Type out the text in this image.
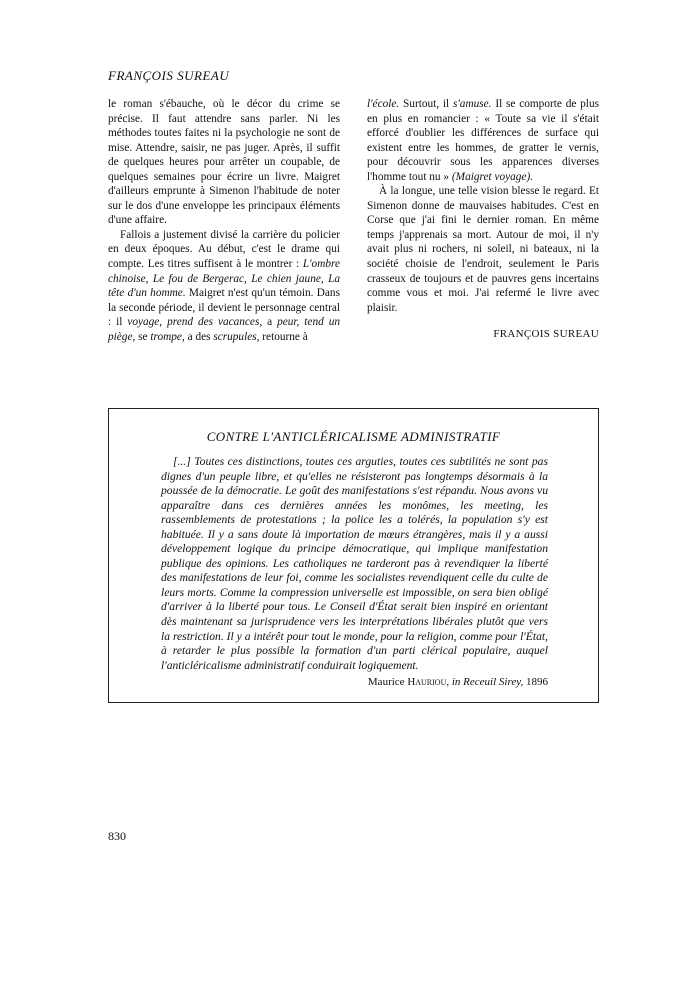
FRANÇOIS SUREAU

le roman s'ébauche, où le décor du crime se précise. Il faut attendre sans parler. Ni les méthodes toutes faites ni la psychologie ne sont de mise. Attendre, saisir, ne pas juger. Après, il suffit de quelques heures pour arrêter un coupable, de quelques semaines pour écrire un livre. Maigret d'ailleurs emprunte à Simenon l'habitude de noter sur le dos d'une enveloppe les principaux éléments d'une affaire.

Fallois a justement divisé la carrière du policier en deux époques. Au début, c'est le drame qui compte. Les titres suffisent à le montrer : L'ombre chinoise, Le fou de Bergerac, Le chien jaune, La tête d'un homme. Maigret n'est qu'un témoin. Dans la seconde période, il devient le personnage central : il voyage, prend des vacances, a peur, tend un piège, se trompe, a des scrupules, retourne à

l'école. Surtout, il s'amuse. Il se comporte de plus en plus en romancier : « Toute sa vie il s'était efforcé d'oublier les différences de surface qui existent entre les hommes, de gratter le vernis, pour découvrir sous les apparences diverses l'homme tout nu » (Maigret voyage).

À la longue, une telle vision blesse le regard. Et Simenon donne de mauvaises habitudes. C'est en Corse que j'ai fini le dernier roman. En même temps j'apprenais sa mort. Autour de moi, il n'y avait plus ni rochers, ni soleil, ni bateaux, ni la société choisie de l'endroit, seulement le Paris crasseux de toujours et de pauvres gens incertains comme vous et moi. J'ai refermé le livre avec plaisir.

FRANÇOIS SUREAU

CONTRE L'ANTICLÉRICALISME ADMINISTRATIF

[...] Toutes ces distinctions, toutes ces arguties, toutes ces subtilités ne sont pas dignes d'un peuple libre, et qu'elles ne résisteront pas longtemps désormais à la poussée de la démocratie. Le goût des manifestations s'est répandu. Nous avons vu apparaître dans ces dernières années les monômes, les meeting, les rassemblements de protestations ; la police les a tolérés, la population s'y est habituée. Il y a sans doute là importation de mœurs étrangères, mais il y a aussi développement logique du principe démocratique, qui implique manifestation publique des opinions. Les catholiques ne tarderont pas à revendiquer la liberté des manifestations de leur foi, comme les socialistes revendiquent celle du culte de leurs morts. Comme la compression universelle est impossible, on sera bien obligé d'arriver à la liberté pour tous. Le Conseil d'État serait bien inspiré en orientant dès maintenant sa jurisprudence vers les interprétations libérales plutôt que vers la restriction. Il y a intérêt pour tout le monde, pour la religion, comme pour l'État, à retarder le plus possible la formation d'un parti clérical populaire, auquel l'anticléricalisme administratif conduirait logiquement.

Maurice Hauriou, in Receuil Sirey, 1896
830
